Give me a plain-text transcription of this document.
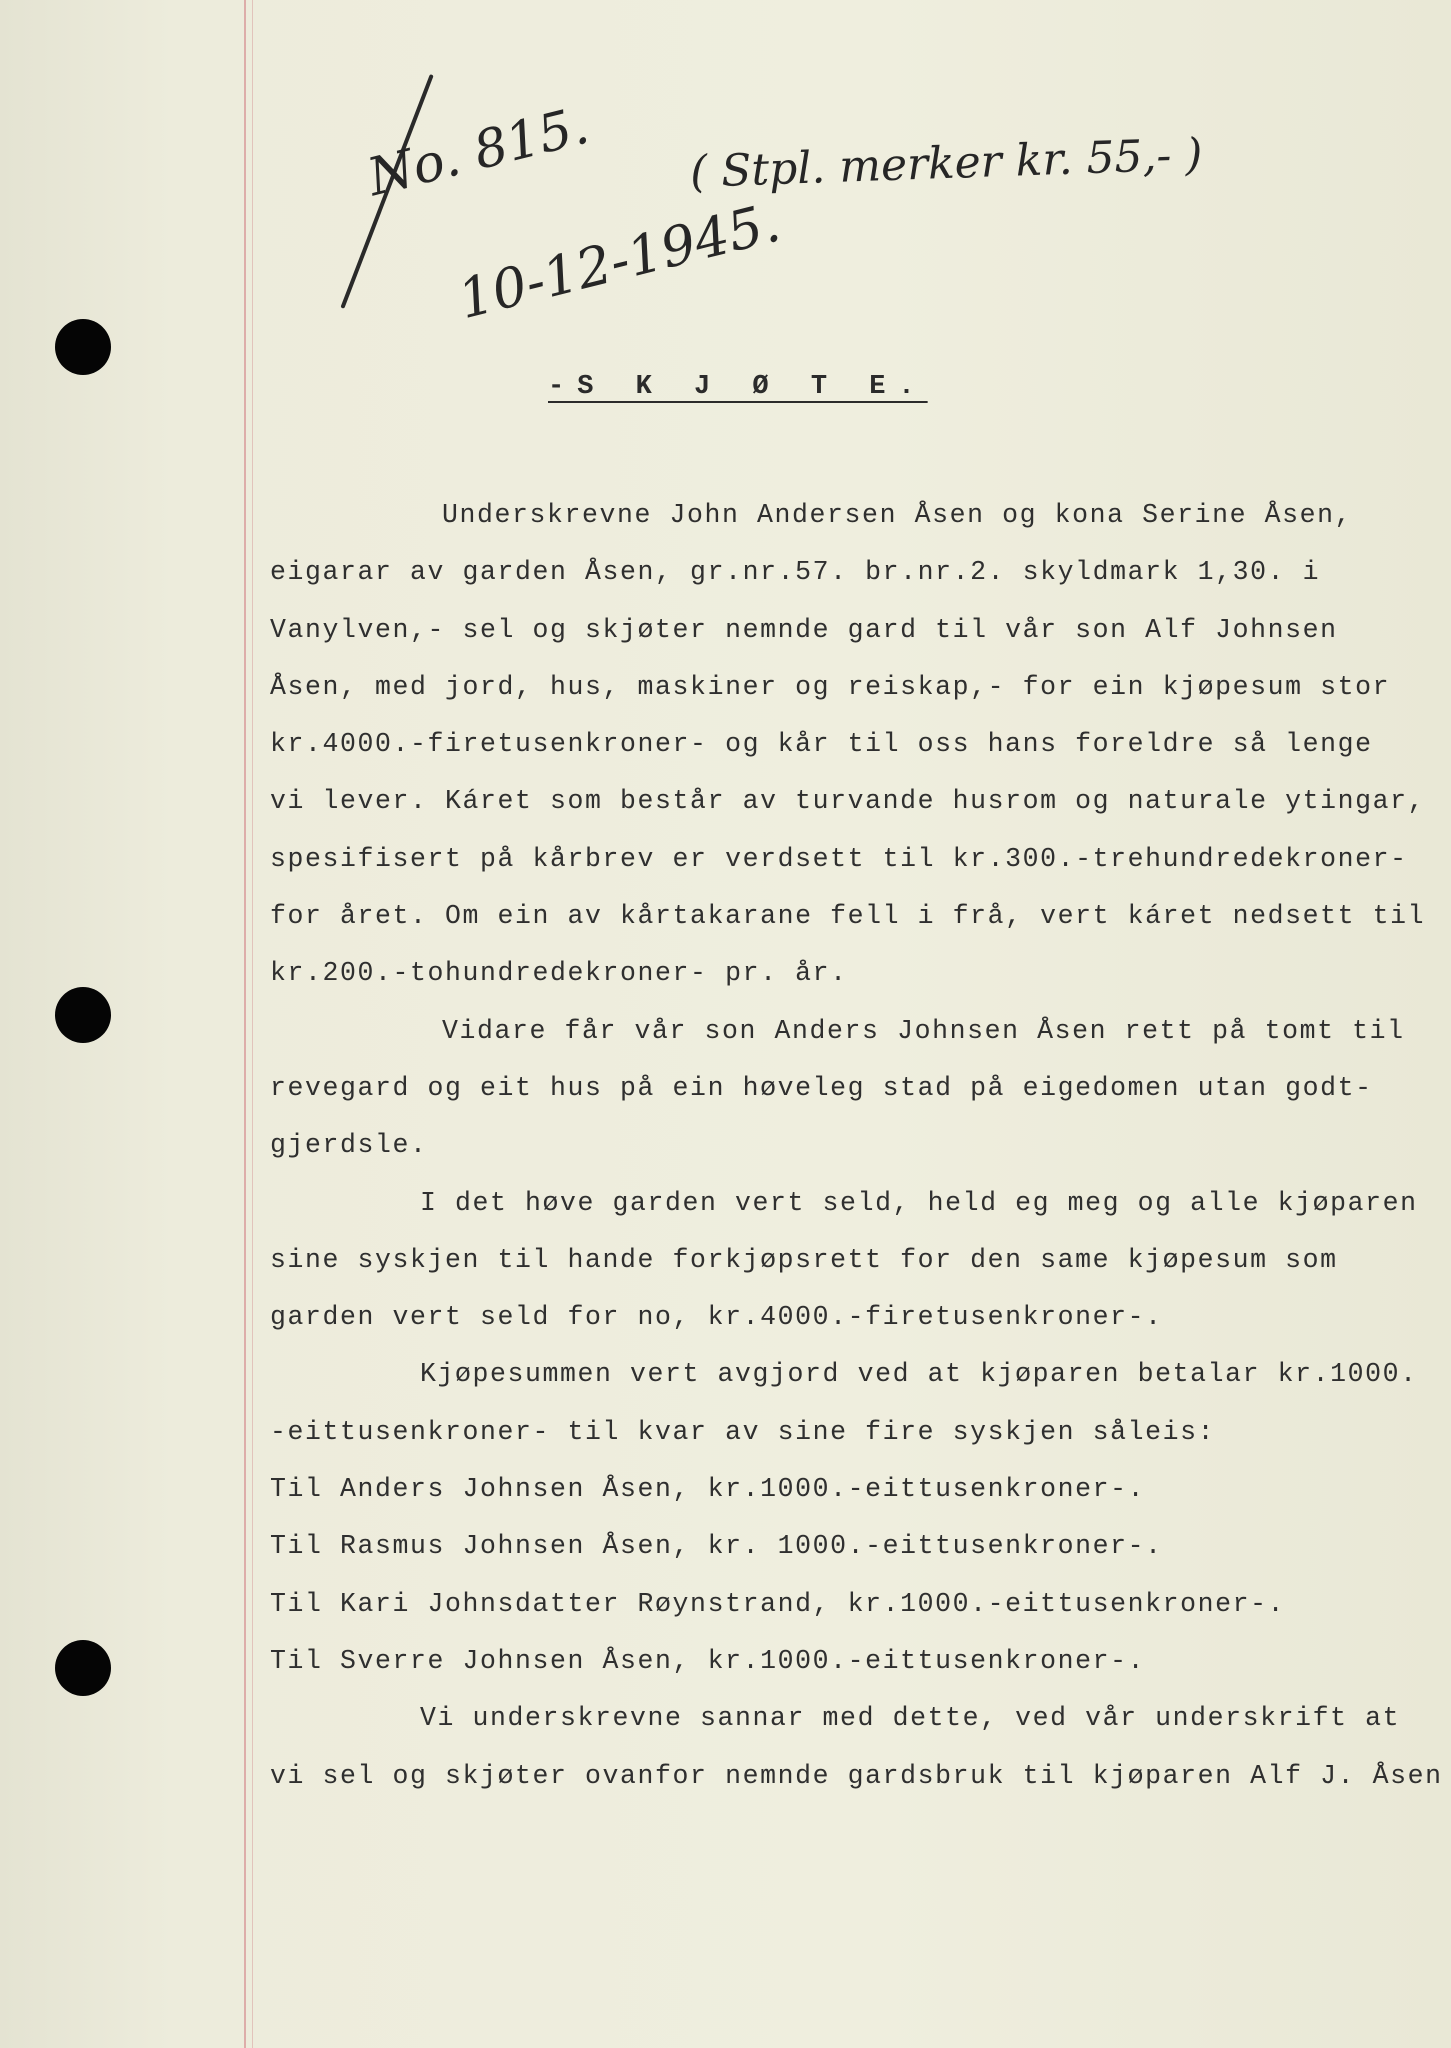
No. 815.
10-12-1945.
( Stpl. merker kr. 55,- )
-S K J Ø T E.
Underskrevne John Andersen Åsen og kona Serine Åsen,
eigarar av garden Åsen, gr.nr.57. br.nr.2. skyldmark 1,30. i
Vanylven,- sel og skjøter nemnde gard til vår son Alf Johnsen
Åsen, med jord, hus, maskiner og reiskap,- for ein kjøpesum stor
kr.4000.-firetusenkroner- og kår til oss hans foreldre så lenge
vi lever. Káret som består av turvande husrom og naturale ytingar,
spesifisert på kårbrev er verdsett til kr.300.-trehundredekroner-
for året. Om ein av kårtakarane fell i frå, vert káret nedsett til
kr.200.-tohundredekroner- pr. år.
Vidare får vår son Anders Johnsen Åsen rett på tomt til
revegard og eit hus på ein høveleg stad på eigedomen utan godt-
gjerdsle.
I det høve garden vert seld, held eg meg og alle kjøparen
sine syskjen til hande forkjøpsrett for den same kjøpesum som
garden vert seld for no, kr.4000.-firetusenkroner-.
Kjøpesummen vert avgjord ved at kjøparen betalar kr.1000.
-eittusenkroner- til kvar av sine fire syskjen såleis:
Til Anders Johnsen Åsen, kr.1000.-eittusenkroner-.
Til Rasmus Johnsen Åsen, kr. 1000.-eittusenkroner-.
Til Kari Johnsdatter Røynstrand, kr.1000.-eittusenkroner-.
Til Sverre Johnsen Åsen, kr.1000.-eittusenkroner-.
Vi underskrevne sannar med dette, ved vår underskrift at
vi sel og skjøter ovanfor nemnde gardsbruk til kjøparen Alf J. Åsen
